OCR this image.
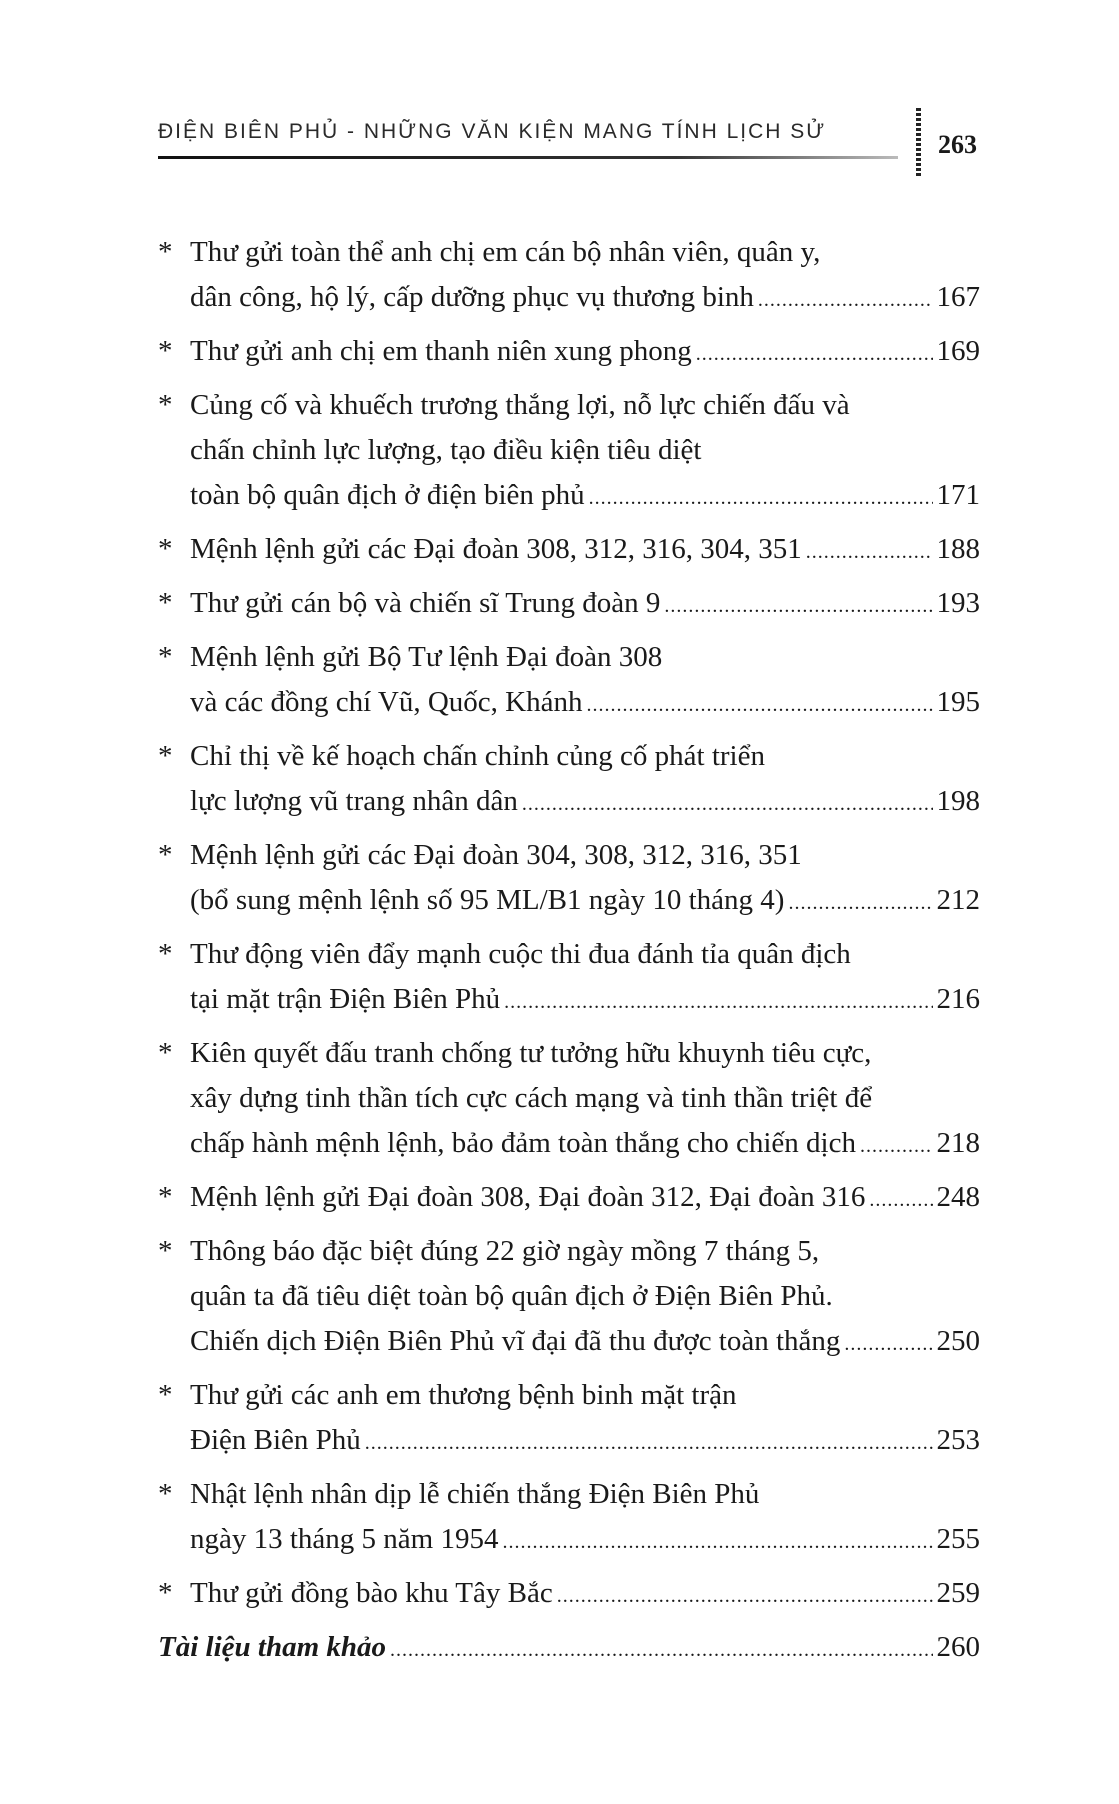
ĐIỆN BIÊN PHỦ - NHỮNG VĂN KIỆN MANG TÍNH LỊCH SỬ	263
* Thư gửi toàn thể anh chị em cán bộ nhân viên, quân y,
dân công, hộ lý, cấp dưỡng phục vụ thương binh .....	167
* Thư gửi anh chị em thanh niên xung phong .....	169
* Củng cố và khuếch trương thắng lợi, nỗ lực chiến đấu và
chấn chỉnh lực lượng, tạo điều kiện tiêu diệt
toàn bộ quân địch ở điện biên phủ .....	171
* Mệnh lệnh gửi các Đại đoàn 308, 312, 316, 304, 351 .....	188
* Thư gửi cán bộ và chiến sĩ Trung đoàn 9 .....	193
* Mệnh lệnh gửi Bộ Tư lệnh Đại đoàn 308
và các đồng chí Vũ, Quốc, Khánh .....	195
* Chỉ thị về kế hoạch chấn chỉnh củng cố phát triển
lực lượng vũ trang nhân dân .....	198
* Mệnh lệnh gửi các Đại đoàn 304, 308, 312, 316, 351
(bổ sung mệnh lệnh số 95 ML/B1 ngày 10 tháng 4) .....	212
* Thư động viên đẩy mạnh cuộc thi đua đánh tỉa quân địch
tại mặt trận Điện Biên Phủ .....	216
* Kiên quyết đấu tranh chống tư tưởng hữu khuynh tiêu cực,
xây dựng tinh thần tích cực cách mạng và tinh thần triệt để
chấp hành mệnh lệnh, bảo đảm toàn thắng cho chiến dịch .....	218
* Mệnh lệnh gửi Đại đoàn 308, Đại đoàn 312, Đại đoàn 316 ..... 248
* Thông báo đặc biệt đúng 22 giờ ngày mồng 7 tháng 5,
quân ta đã tiêu diệt toàn bộ quân địch ở Điện Biên Phủ.
Chiến dịch Điện Biên Phủ vĩ đại đã thu được toàn thắng .....	250
* Thư gửi các anh em thương bệnh binh mặt trận
Điện Biên Phủ .....	253
* Nhật lệnh nhân dịp lễ chiến thắng Điện Biên Phủ
ngày 13 tháng 5 năm 1954 .....	255
* Thư gửi đồng bào khu Tây Bắc .....	259
Tài liệu tham khảo .....	260
